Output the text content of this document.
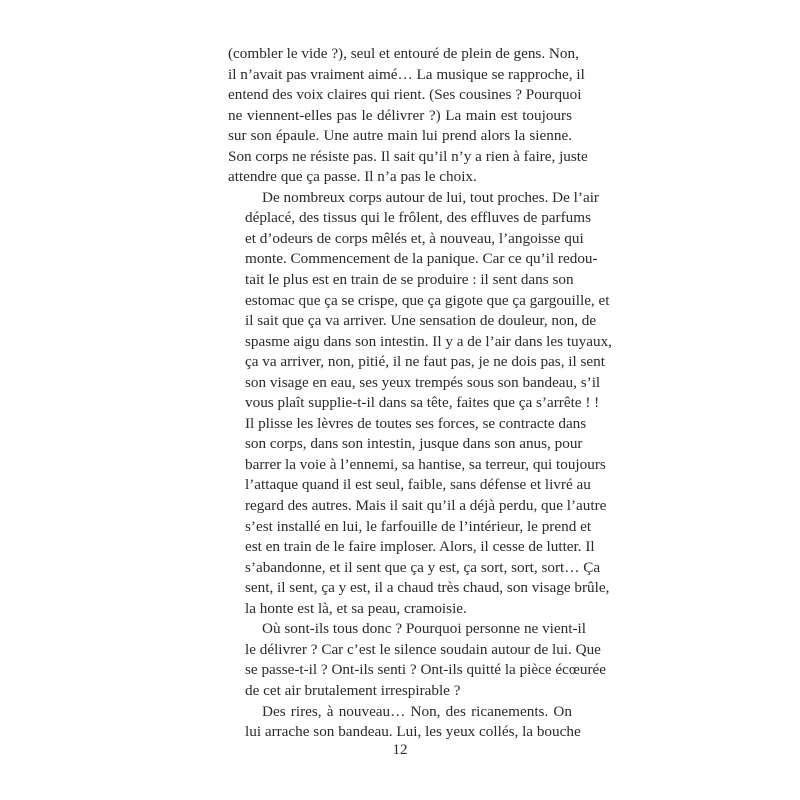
(combler le vide ?), seul et entouré de plein de gens. Non,
il n’avait pas vraiment aimé… La musique se rapproche, il
entend des voix claires qui rient. (Ses cousines ? Pourquoi
ne viennent-elles pas le délivrer ?) La main est toujours
sur son épaule. Une autre main lui prend alors la sienne.
Son corps ne résiste pas. Il sait qu’il n’y a rien à faire, juste
attendre que ça passe. Il n’a pas le choix.

De nombreux corps autour de lui, tout proches. De l’air
déplacé, des tissus qui le frôlent, des effluves de parfums
et d’odeurs de corps mêlés et, à nouveau, l’angoisse qui
monte. Commencement de la panique. Car ce qu’il redou-
tait le plus est en train de se produire : il sent dans son
estomac que ça se crispe, que ça gigote que ça gargouille, et
il sait que ça va arriver. Une sensation de douleur, non, de
spasme aigu dans son intestin. Il y a de l’air dans les tuyaux,
ça va arriver, non, pitié, il ne faut pas, je ne dois pas, il sent
son visage en eau, ses yeux trempés sous son bandeau, s’il
vous plaît supplie-t-il dans sa tête, faites que ça s’arrête ! !
Il plisse les lèvres de toutes ses forces, se contracte dans
son corps, dans son intestin, jusque dans son anus, pour
barrer la voie à l’ennemi, sa hantise, sa terreur, qui toujours
l’attaque quand il est seul, faible, sans défense et livré au
regard des autres. Mais il sait qu’il a déjà perdu, que l’autre
s’est installé en lui, le farfouille de l’intérieur, le prend et
est en train de le faire imploser. Alors, il cesse de lutter. Il
s’abandonne, et il sent que ça y est, ça sort, sort, sort… Ça
sent, il sent, ça y est, il a chaud très chaud, son visage brûle,
la honte est là, et sa peau, cramoisie.

Où sont-ils tous donc ? Pourquoi personne ne vient-il
le délivrer ? Car c’est le silence soudain autour de lui. Que
se passe-t-il ? Ont-ils senti ? Ont-ils quitté la pièce écœurée
de cet air brutalement irrespirable ?

Des rires, à nouveau… Non, des ricanements. On
lui arrache son bandeau. Lui, les yeux collés, la bouche

12
